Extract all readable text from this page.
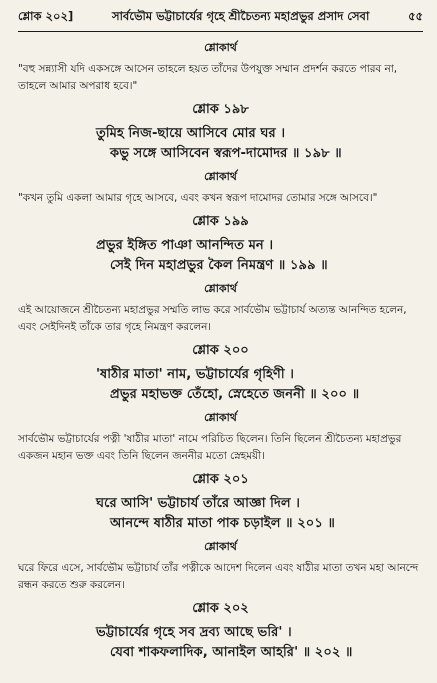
শ্লোক ২০২]	সার্বভৌম ভট্টাচার্যের গৃহে শ্রীচৈতন্য মহাপ্রভুর প্রসাদ সেবা	৫৫
শ্লোকার্থ

"বহু সন্ন্যাসী যদি একসঙ্গে আসেন তাহলে হয়ত তাঁদের উপযুক্ত সম্মান প্রদর্শন করতে পারব না, তাহলে আমার অপরাধ হবে।"

শ্লোক ১৯৮
তুমিহ নিজ-ছায়ে আসিবে মোর ঘর ।
কভু সঙ্গে আসিবেন স্বরূপ-দামোদর ॥ ১৯৮ ॥
শ্লোকার্থ

"কখন তুমি একলা আমার গৃহে আসবে, এবং কখন স্বরূপ দামোদর তোমার সঙ্গে আসবে।"

শ্লোক ১৯৯
প্রভুর ইঙ্গিত পাঞা আনন্দিত মন ।
সেই দিন মহাপ্রভুর কৈল নিমন্ত্রণ ॥ ১৯৯ ॥
শ্লোকার্থ

এই আয়োজনে শ্রীচৈতন্য মহাপ্রভুর সম্মতি লাভ করে সার্বভৌম ভট্টাচার্য অত্যন্ত আনন্দিত হলেন, এবং সেইদিনই তাঁকে তার গৃহে নিমন্ত্রণ করলেন।

শ্লোক ২০০
'ষাঠীর মাতা' নাম, ভট্টাচার্যের গৃহিণী ।
প্রভুর মহাভক্ত তেঁহো, স্নেহেতে জননী ॥ ২০০ ॥
শ্লোকার্থ

সার্বভৌম ভট্টাচার্যের পত্নী 'ষাঠীর মাতা' নামে পরিচিত ছিলেন। তিনি ছিলেন শ্রীচৈতন্য মহাপ্রভুর একজন মহান ভক্ত এবং তিনি ছিলেন জননীর মতো স্নেহময়ী।

শ্লোক ২০১
ঘরে আসি' ভট্টাচার্য তাঁরে আজ্ঞা দিল ।
আনন্দে ষাঠীর মাতা পাক চড়াইল ॥ ২০১ ॥
শ্লোকার্থ

ঘরে ফিরে এসে, সার্বভৌম ভট্টাচার্য তাঁর পত্নীকে আদেশ দিলেন এবং ষাঠীর মাতা তখন মহা আনন্দে রন্ধন করতে শুরু করলেন।

শ্লোক ২০২
ভট্টাচার্যের গৃহে সব দ্রব্য আছে ভরি' ।
যেবা শাকফলাদিক, আনাইল আহরি' ॥ ২০২ ॥
